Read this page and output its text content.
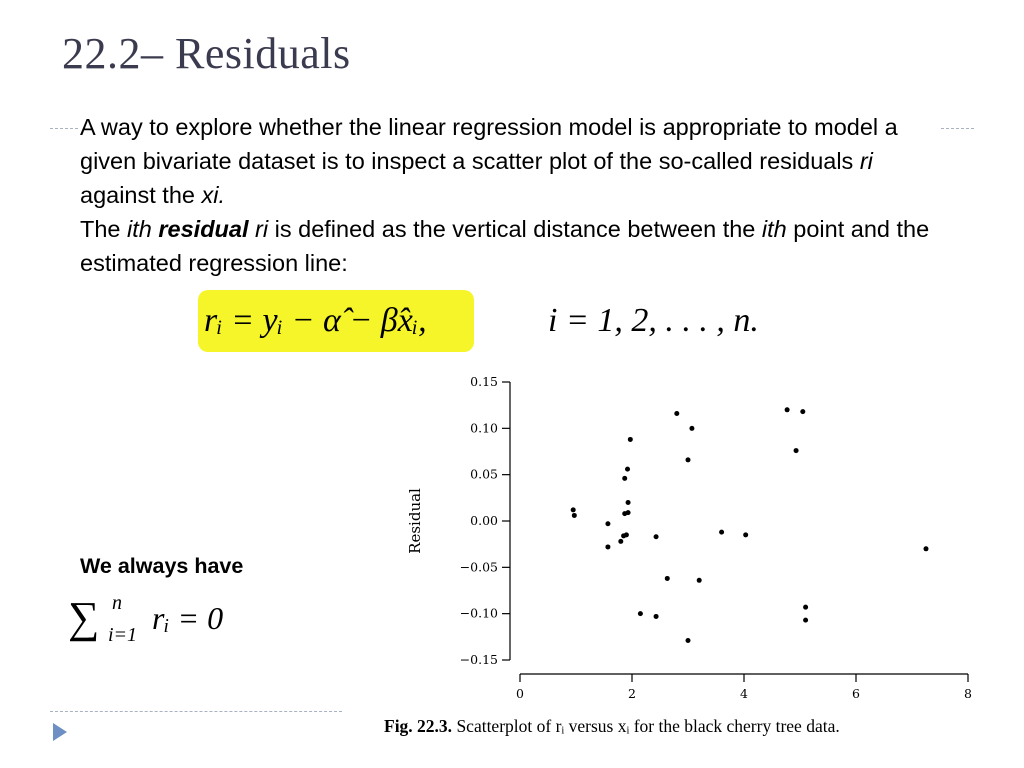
22.2– Residuals

A way to explore whether the linear regression model is appropriate to model a given bivariate dataset is to inspect a scatter plot of the so-called residuals ri against the xi.

The ith residual ri is defined as the vertical distance between the ith point and the estimated regression line:

rᵢ = yᵢ − α̂ − β̂xᵢ,	i = 1, 2, . . . , n.
We always have
∑ n
i=1 rᵢ = 0
0.15
0.10
0.05
0.00
−0.05
−0.10
−0.15
0	2	4	6	8
Residual
Fig. 22.3. Scatterplot of rᵢ versus xᵢ for the black cherry tree data.
